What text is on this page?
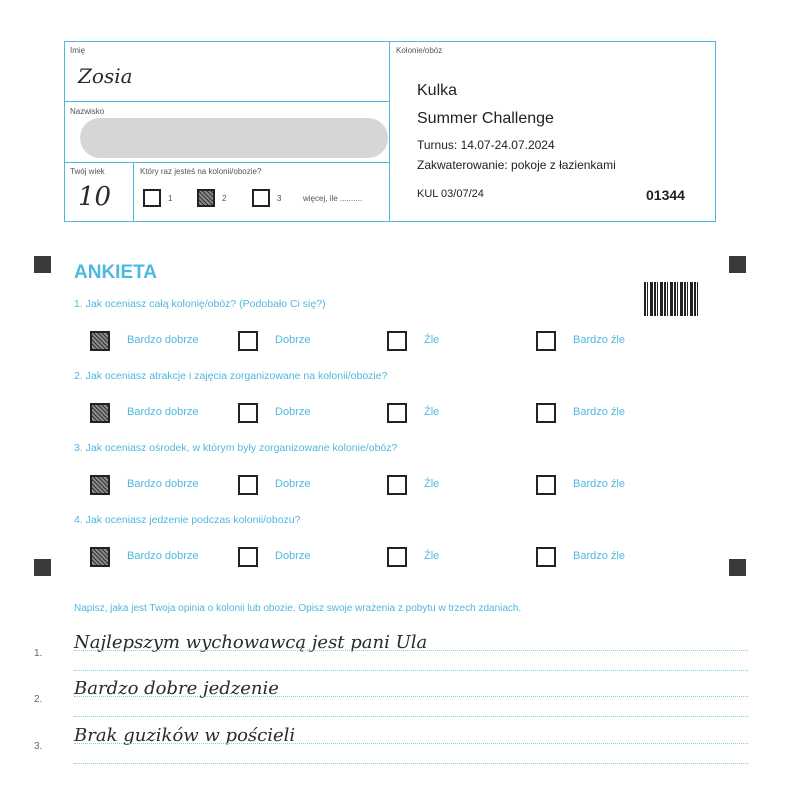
Imię
Zosia
Nazwisko
Twój wiek
10
Który raz jesteś na kolonii/obozie?
1	2	3	więcej, ile ..........
Kolonie/obóz
Kulka
Summer Challenge
Turnus: 14.07-24.07.2024
Zakwaterowanie: pokoje z łazienkami
KUL 03/07/24	01344
ANKIETA
1. Jak oceniasz całą kolonię/obóz? (Podobało Ci się?)
Bardzo dobrze	Dobrze	Źle	Bardzo źle
2. Jak oceniasz atrakcje i zajęcia zorganizowane na kolonii/obozie?
Bardzo dobrze	Dobrze	Źle	Bardzo źle
3. Jak oceniasz ośrodek, w którym były zorganizowane kolonie/obóz?
Bardzo dobrze	Dobrze	Źle	Bardzo źle
4. Jak oceniasz jedzenie podczas kolonii/obozu?
Bardzo dobrze	Dobrze	Źle	Bardzo źle
Napisz, jaka jest Twoja opinia o kolonii lub obozie. Opisz swoje wrażenia z pobytu w trzech zdaniach.
1.
Najlepszym wychowawcą jest pani Ula
2.
Bardzo dobre jedzenie
3.
Brak guzików w pościeli
